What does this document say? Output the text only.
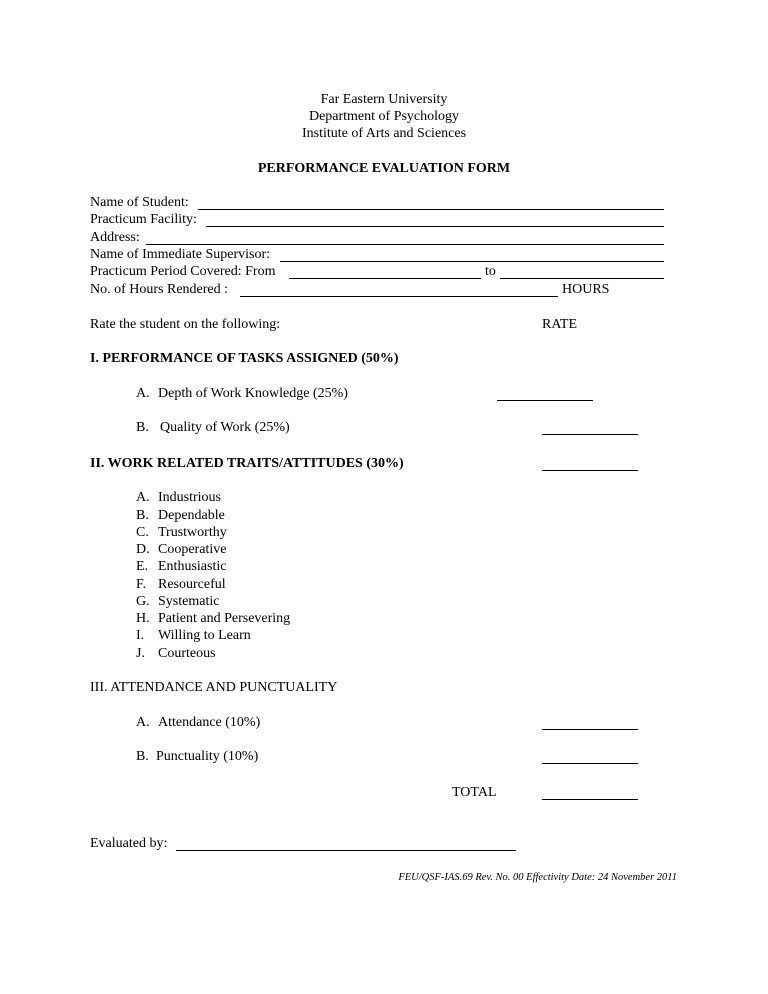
Far Eastern University
Department of Psychology
Institute of Arts and Sciences
PERFORMANCE EVALUATION FORM
Name of Student:
Practicum Facility:
Address:
Name of Immediate Supervisor:
Practicum Period Covered: From	to
No. of Hours Rendered :	HOURS
Rate the student on the following:	RATE
I. PERFORMANCE OF TASKS ASSIGNED (50%)
A. Depth of Work Knowledge (25%)
B. Quality of Work (25%)
II. WORK RELATED TRAITS/ATTITUDES (30%)
A. Industrious
B. Dependable
C. Trustworthy
D. Cooperative
E. Enthusiastic
F. Resourceful
G. Systematic
H. Patient and Persevering
I. Willing to Learn
J. Courteous
III. ATTENDANCE AND PUNCTUALITY
A. Attendance (10%)
B. Punctuality (10%)
TOTAL
Evaluated by:
FEU/QSF-IAS.69 Rev. No. 00 Effectivity Date: 24 November 2011
